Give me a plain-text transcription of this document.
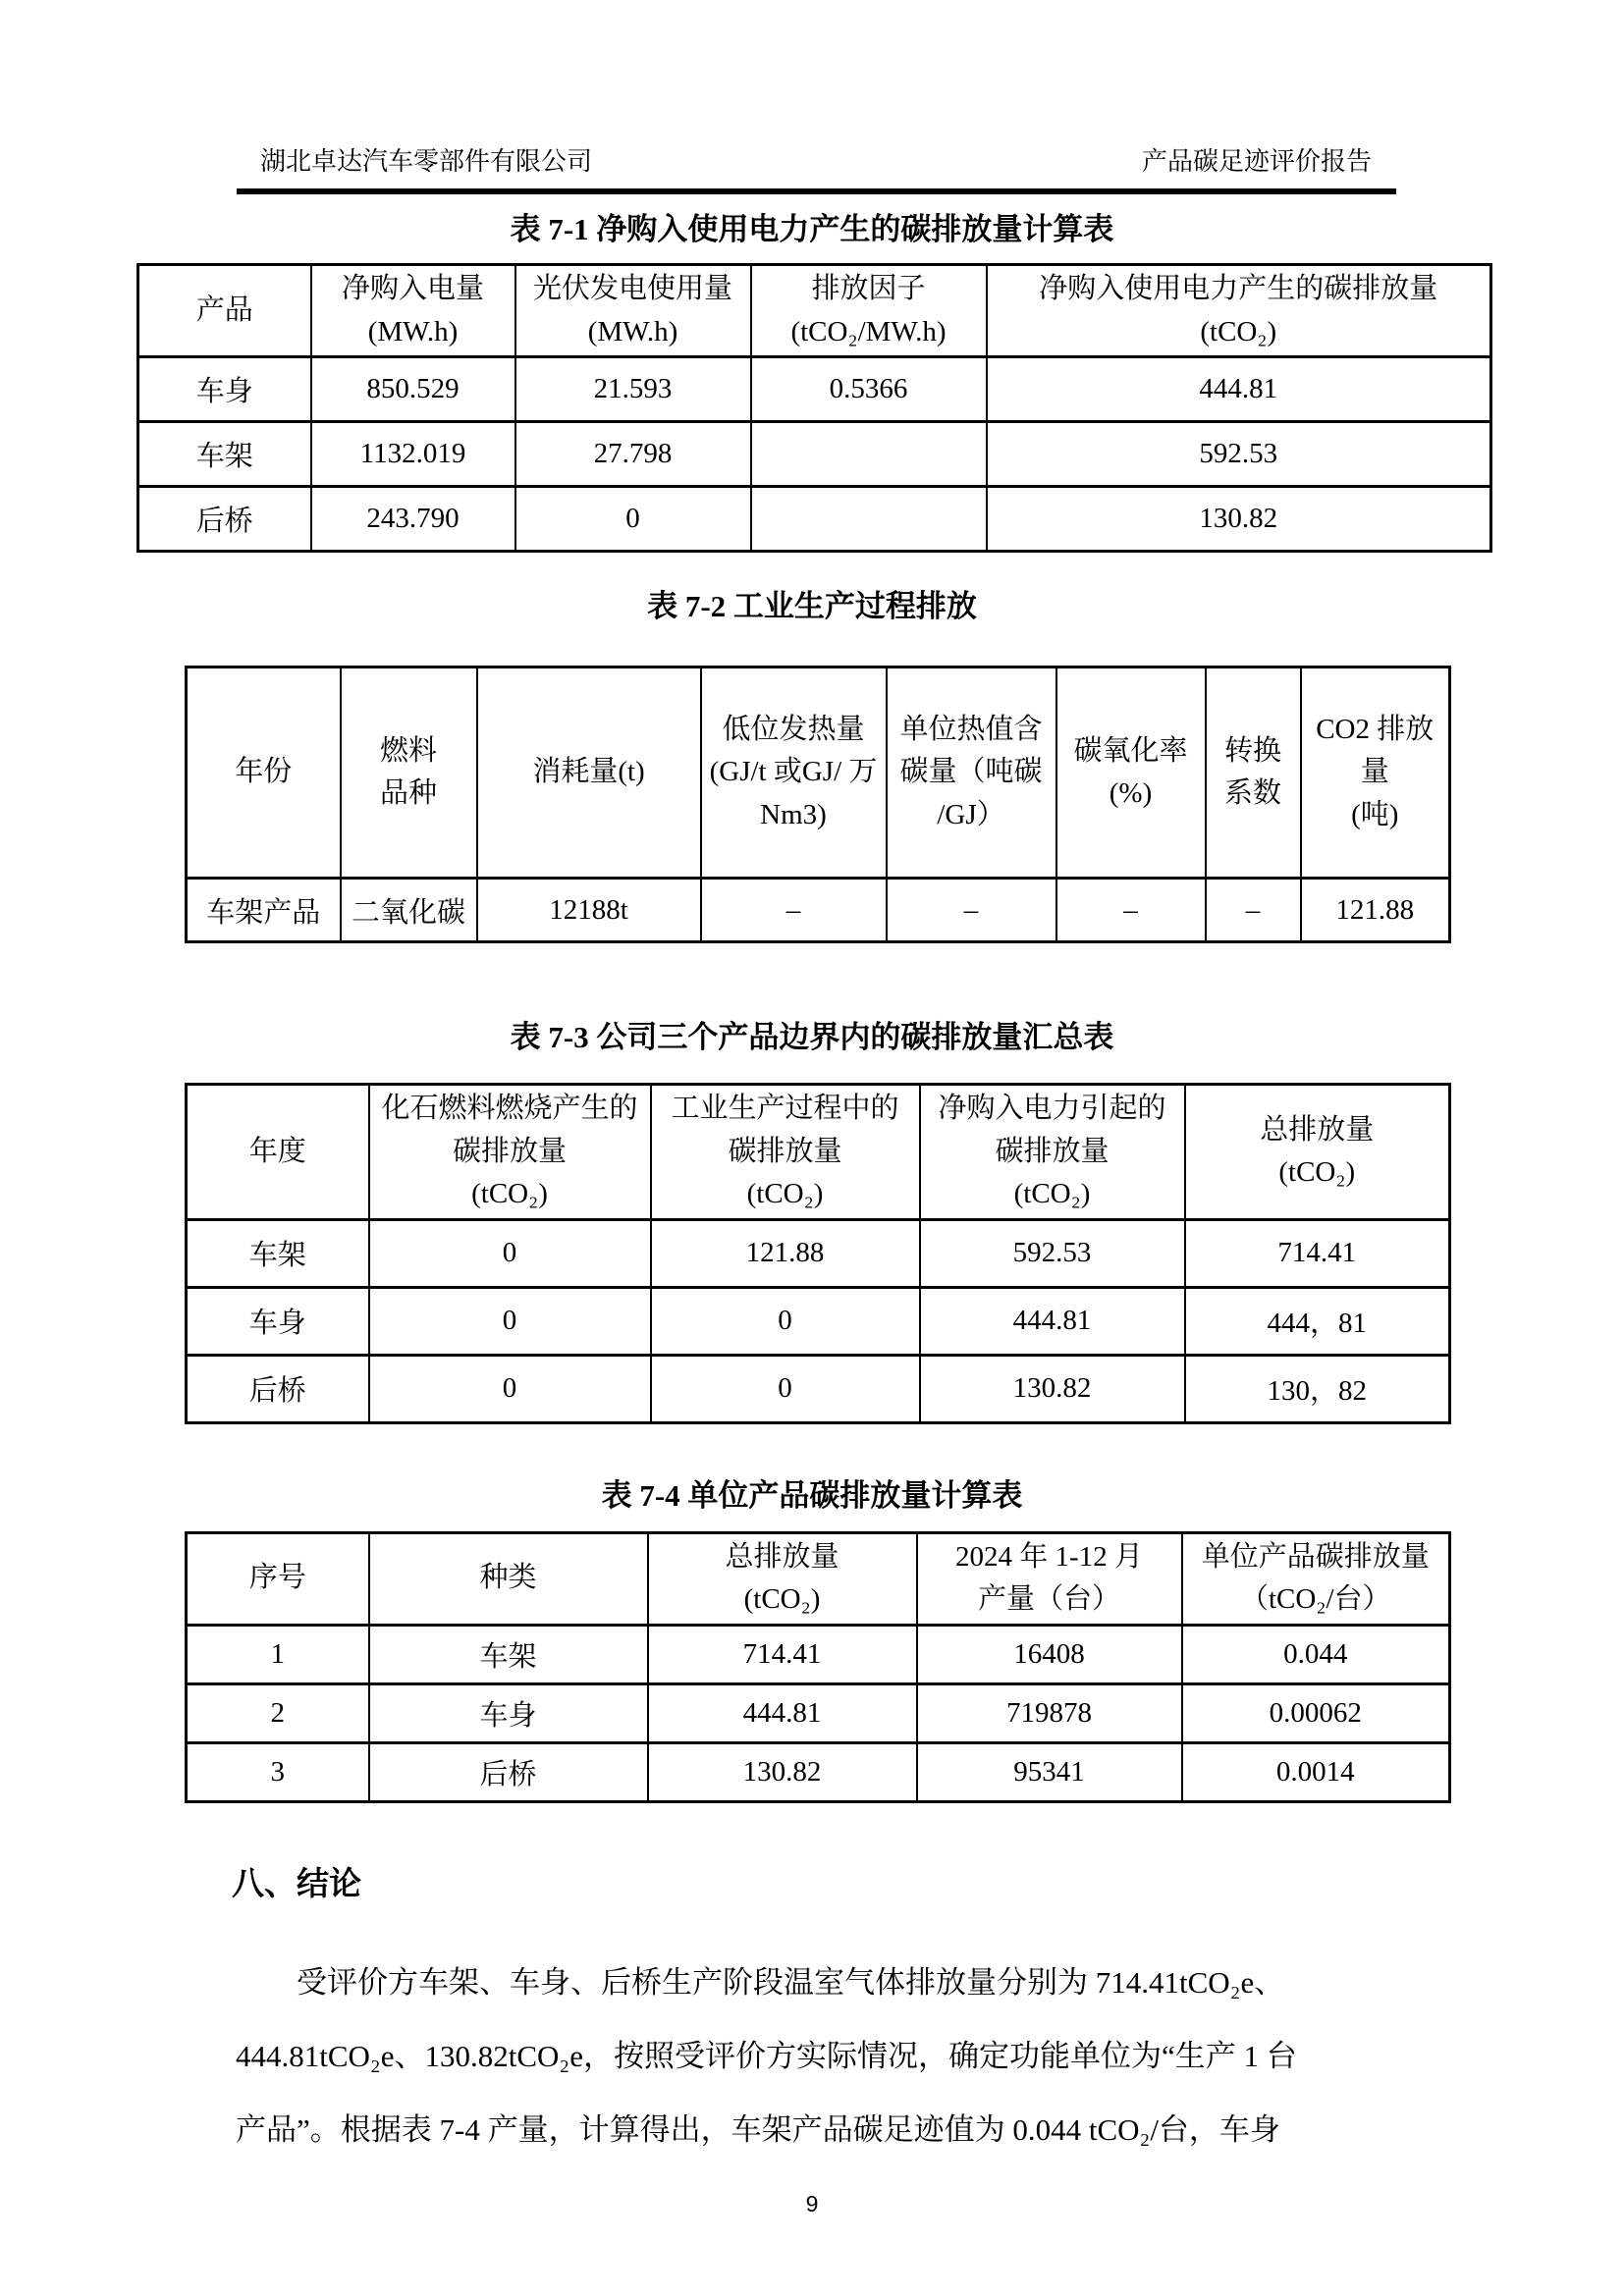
湖北卓达汽车零部件有限公司	产品碳足迹评价报告
表 7-1 净购入使用电力产生的碳排放量计算表
产品

净购入电量
(MW.h)

光伏发电使用量
(MW.h)

排放因子
(tCO₂/MW.h)

净购入使用电力产生的碳排放量
(tCO₂)

车身	850.529	21.593	0.5366	444.81
车架	1132.019	27.798		592.53
后桥	243.790	0		130.82
表 7-2 工业生产过程排放
年份

燃料
品种

消耗量(t)

低位发热量 (GJ/t 或GJ/ 万 Nm3)

单位热值含碳量（吨碳 /GJ）

碳氧化率
(%)

转换
系数

CO2 排放量
(吨)

车架产品	二氧化碳	12188t	–	–	–	–	121.88
表 7-3 公司三个产品边界内的碳排放量汇总表
年度

化石燃料燃烧产生的碳排放量
(tCO₂)

工业生产过程中的碳排放量
(tCO₂)

净购入电力引起的碳排放量
(tCO₂)

总排放量
(tCO₂)

车架	0	121.88	592.53	714.41
车身	0	0	444.81	444，81
后桥	0	0	130.82	130，82
表 7-4 单位产品碳排放量计算表
序号	种类

总排放量
(tCO₂)

2024 年 1-12 月
产量（台）

单位产品碳排放量
（tCO₂/台）

1	车架	714.41	16408	0.044
2	车身	444.81	719878	0.00062
3	后桥	130.82	95341	0.0014
八、结论
受评价方车架、车身、后桥生产阶段温室气体排放量分别为 714.41tCO₂e、
444.81tCO₂e、130.82tCO₂e，按照受评价方实际情况，确定功能单位为“生产 1 台
产品”。根据表 7-4 产量，计算得出，车架产品碳足迹值为 0.044 tCO₂/台，车身
9
